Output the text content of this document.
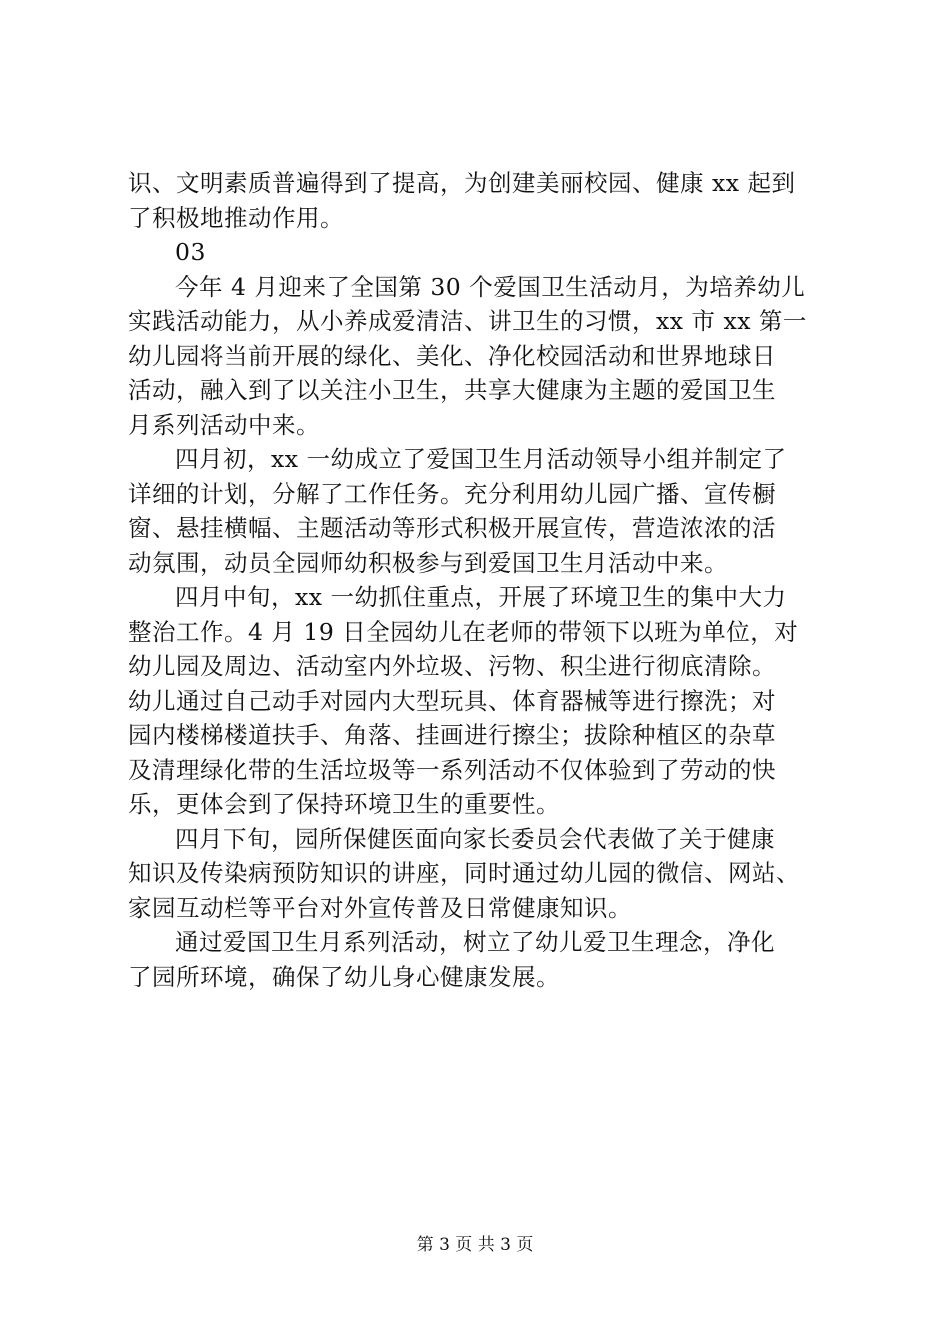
识、文明素质普遍得到了提高，为创建美丽校园、健康 xx 起到
了积极地推动作用。
03
今年 4 月迎来了全国第 30 个爱国卫生活动月，为培养幼儿
实践活动能力，从小养成爱清洁、讲卫生的习惯，xx 市 xx 第一
幼儿园将当前开展的绿化、美化、净化校园活动和世界地球日
活动，融入到了以关注小卫生，共享大健康为主题的爱国卫生
月系列活动中来。
四月初，xx 一幼成立了爱国卫生月活动领导小组并制定了
详细的计划，分解了工作任务。充分利用幼儿园广播、宣传橱
窗、悬挂横幅、主题活动等形式积极开展宣传，营造浓浓的活
动氛围，动员全园师幼积极参与到爱国卫生月活动中来。
四月中旬，xx 一幼抓住重点，开展了环境卫生的集中大力
整治工作。4 月 19 日全园幼儿在老师的带领下以班为单位，对
幼儿园及周边、活动室内外垃圾、污物、积尘进行彻底清除。
幼儿通过自己动手对园内大型玩具、体育器械等进行擦洗；对
园内楼梯楼道扶手、角落、挂画进行擦尘；拔除种植区的杂草
及清理绿化带的生活垃圾等一系列活动不仅体验到了劳动的快
乐，更体会到了保持环境卫生的重要性。
四月下旬，园所保健医面向家长委员会代表做了关于健康
知识及传染病预防知识的讲座，同时通过幼儿园的微信、网站、
家园互动栏等平台对外宣传普及日常健康知识。
通过爱国卫生月系列活动，树立了幼儿爱卫生理念，净化
了园所环境，确保了幼儿身心健康发展。
第 3 页 共 3 页
